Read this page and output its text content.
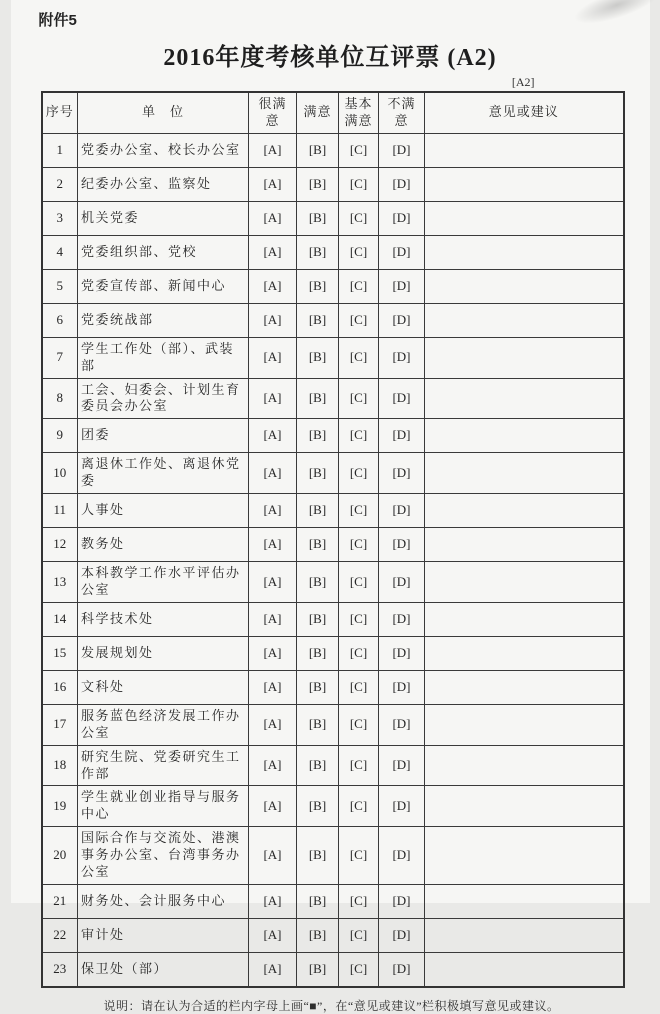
附件5
2016年度考核单位互评票 (A2)
[A2]
序号	单　位	很满意	满意	基本满意	不满意	意见或建议
1	党委办公室、校长办公室	[A]	[B]	[C]	[D]	
2	纪委办公室、监察处	[A]	[B]	[C]	[D]	
3	机关党委	[A]	[B]	[C]	[D]	
4	党委组织部、党校	[A]	[B]	[C]	[D]	
5	党委宣传部、新闻中心	[A]	[B]	[C]	[D]	
6	党委统战部	[A]	[B]	[C]	[D]	
7	学生工作处（部）、武装部	[A]	[B]	[C]	[D]	
8	工会、妇委会、计划生育委员会办公室	[A]	[B]	[C]	[D]	
9	团委	[A]	[B]	[C]	[D]	
10	离退休工作处、离退休党委	[A]	[B]	[C]	[D]	
11	人事处	[A]	[B]	[C]	[D]	
12	教务处	[A]	[B]	[C]	[D]	
13	本科教学工作水平评估办公室	[A]	[B]	[C]	[D]	
14	科学技术处	[A]	[B]	[C]	[D]	
15	发展规划处	[A]	[B]	[C]	[D]	
16	文科处	[A]	[B]	[C]	[D]	
17	服务蓝色经济发展工作办公室	[A]	[B]	[C]	[D]	
18	研究生院、党委研究生工作部	[A]	[B]	[C]	[D]	
19	学生就业创业指导与服务中心	[A]	[B]	[C]	[D]	
20	国际合作与交流处、港澳事务办公室、台湾事务办公室	[A]	[B]	[C]	[D]	
21	财务处、会计服务中心	[A]	[B]	[C]	[D]	
22	审计处	[A]	[B]	[C]	[D]	
23	保卫处（部）	[A]	[B]	[C]	[D]	
说明：请在认为合适的栏内字母上画“■”，在“意见或建议”栏积极填写意见或建议。
